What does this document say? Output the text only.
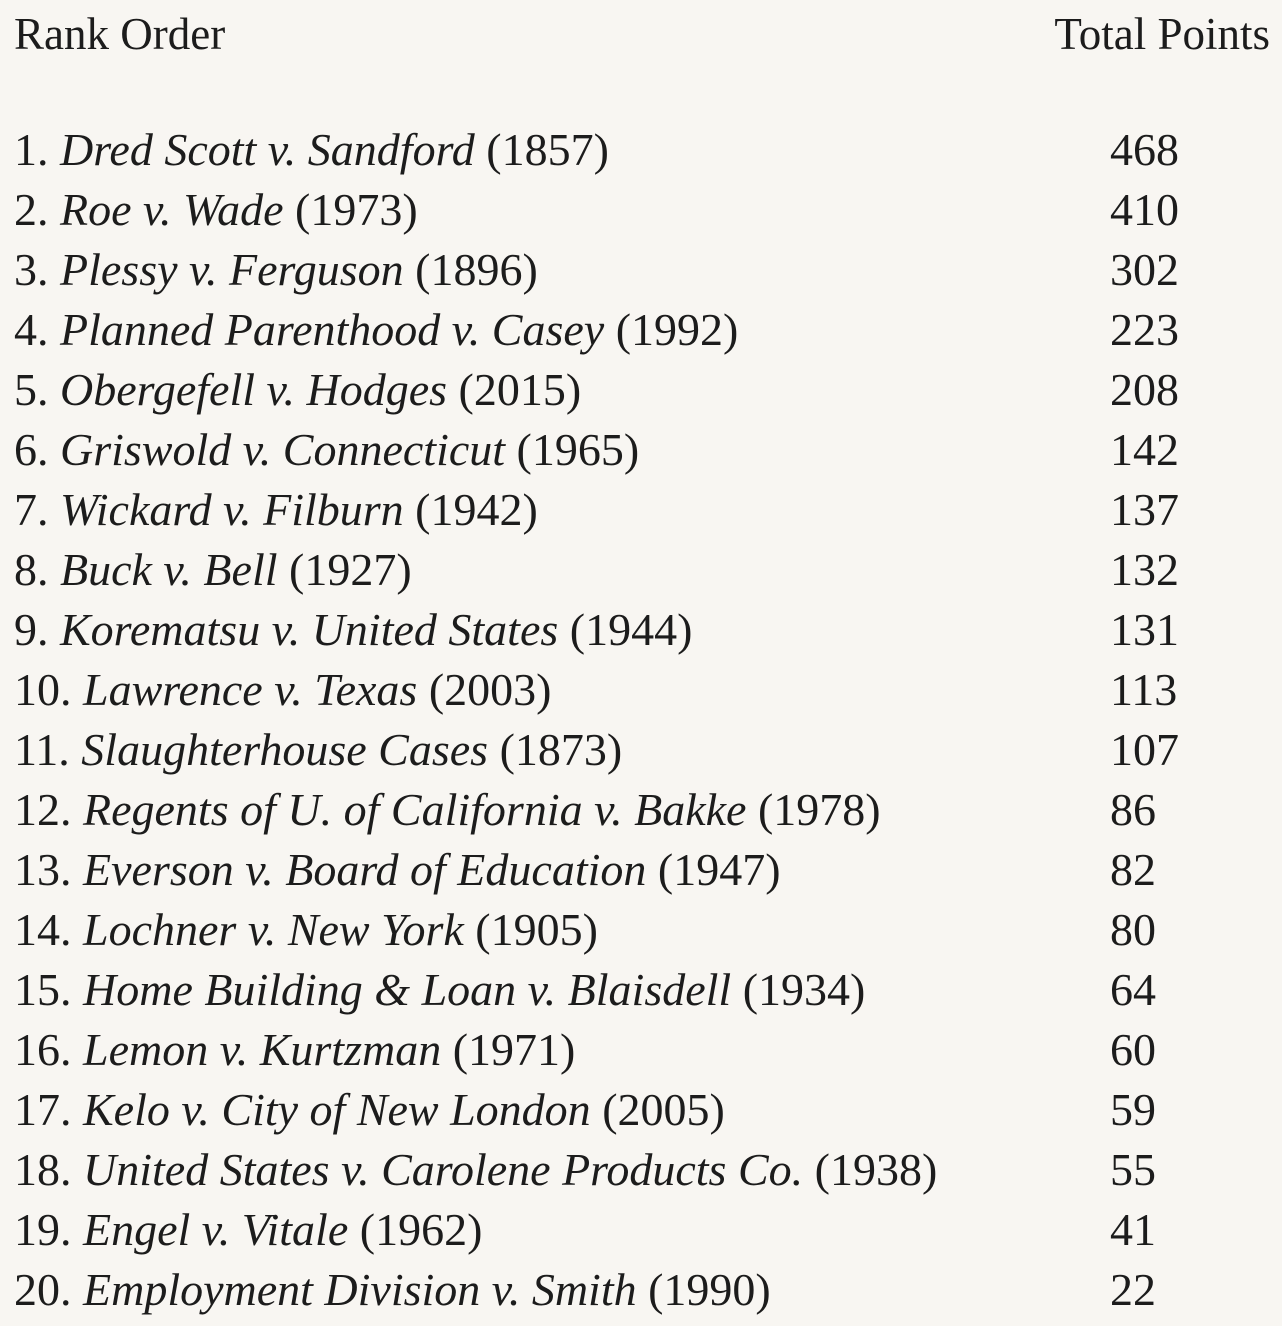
Rank Order	Total Points
1. Dred Scott v. Sandford (1857)	468
2. Roe v. Wade (1973)	410
3. Plessy v. Ferguson (1896)	302
4. Planned Parenthood v. Casey (1992)	223
5. Obergefell v. Hodges (2015)	208
6. Griswold v. Connecticut (1965)	142
7. Wickard v. Filburn (1942)	137
8. Buck v. Bell (1927)	132
9. Korematsu v. United States (1944)	131
10. Lawrence v. Texas (2003)	113
11. Slaughterhouse Cases (1873)	107
12. Regents of U. of California v. Bakke (1978)	86
13. Everson v. Board of Education (1947)	82
14. Lochner v. New York (1905)	80
15. Home Building & Loan v. Blaisdell (1934)	64
16. Lemon v. Kurtzman (1971)	60
17. Kelo v. City of New London (2005)	59
18. United States v. Carolene Products Co. (1938)	55
19. Engel v. Vitale (1962)	41
20. Employment Division v. Smith (1990)	22
